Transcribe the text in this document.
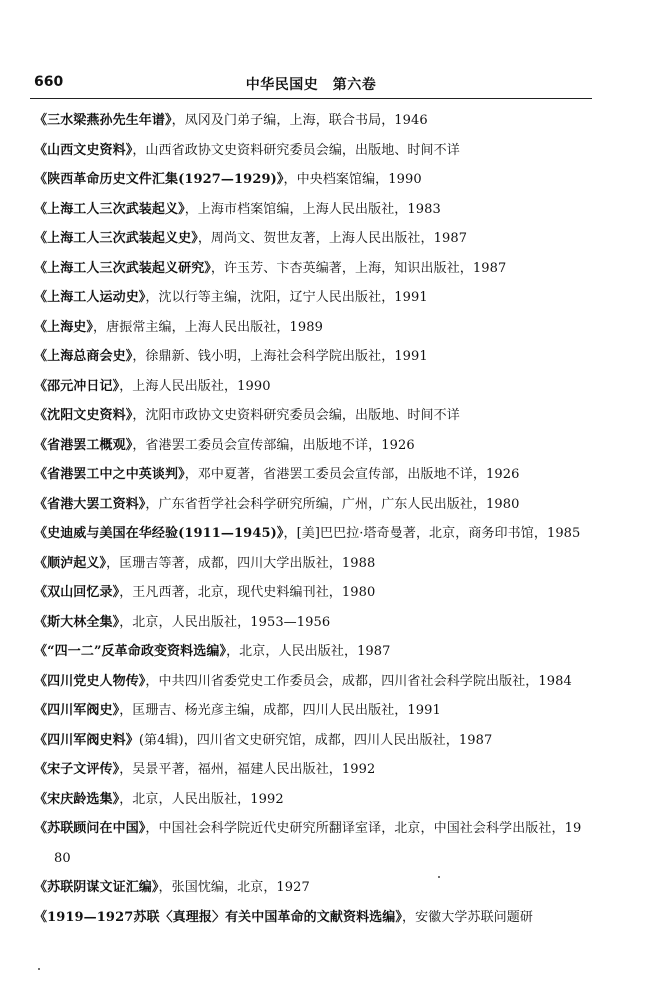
660	中华民国史　第六卷
《三水梁燕孙先生年谱》，凤冈及门弟子编，上海，联合书局，1946
《山西文史资料》，山西省政协文史资料研究委员会编，出版地、时间不详
《陕西革命历史文件汇集(1927—1929)》，中央档案馆编，1990
《上海工人三次武装起义》，上海市档案馆编，上海人民出版社，1983
《上海工人三次武装起义史》，周尚文、贺世友著，上海人民出版社，1987
《上海工人三次武装起义研究》，许玉芳、卞杏英编著，上海，知识出版社，1987
《上海工人运动史》，沈以行等主编，沈阳，辽宁人民出版社，1991
《上海史》，唐振常主编，上海人民出版社，1989
《上海总商会史》，徐鼎新、钱小明，上海社会科学院出版社，1991
《邵元冲日记》，上海人民出版社，1990
《沈阳文史资料》，沈阳市政协文史资料研究委员会编，出版地、时间不详
《省港罢工概观》，省港罢工委员会宣传部编，出版地不详，1926
《省港罢工中之中英谈判》，邓中夏著，省港罢工委员会宣传部，出版地不详，1926
《省港大罢工资料》，广东省哲学社会科学研究所编，广州，广东人民出版社，1980
《史迪威与美国在华经验(1911—1945)》，[美]巴巴拉·塔奇曼著，北京，商务印书馆，1985
《顺泸起义》，匡珊吉等著，成都，四川大学出版社，1988
《双山回忆录》，王凡西著，北京，现代史料编刊社，1980
《斯大林全集》，北京，人民出版社，1953—1956
《“四一二”反革命政变资料选编》，北京，人民出版社，1987
《四川党史人物传》，中共四川省委党史工作委员会，成都，四川省社会科学院出版社，1984
《四川军阀史》，匡珊吉、杨光彦主编，成都，四川人民出版社，1991
《四川军阀史料》(第4辑)，四川省文史研究馆，成都，四川人民出版社，1987
《宋子文评传》，吴景平著，福州，福建人民出版社，1992
《宋庆龄选集》，北京，人民出版社，1992
《苏联顾问在中国》，中国社会科学院近代史研究所翻译室译，北京，中国社会科学出版社，1980
《苏联阴谋文证汇编》，张国忱编，北京，1927
《1919—1927苏联〈真理报〉有关中国革命的文献资料选编》，安徽大学苏联问题研
